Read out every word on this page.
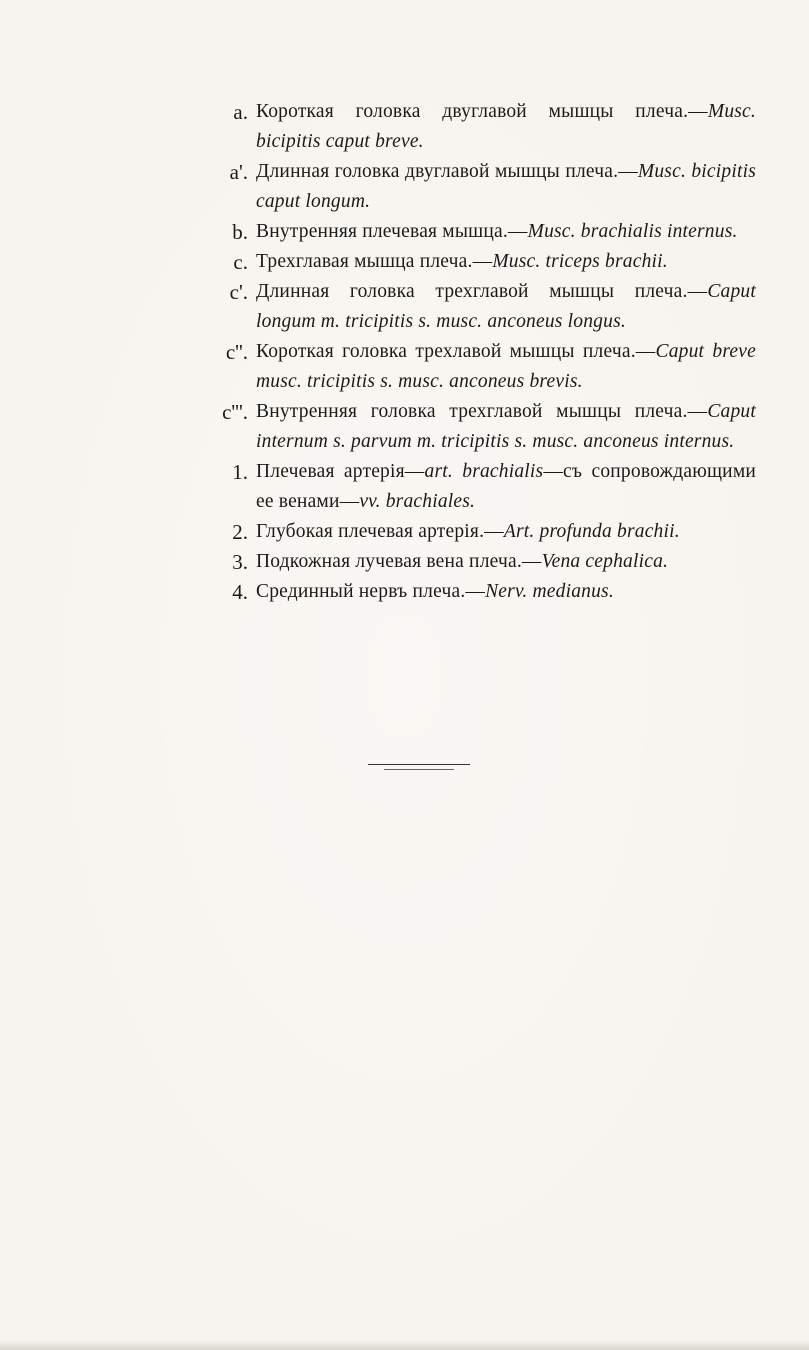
a. Короткая головка двуглавой мышцы плеча.—Musc. bicipitis caput breve.
a'. Длинная головка двуглавой мышцы плеча.—Musc. bicipitis caput longum.
b. Внутренняя плечевая мышца.—Musc. brachialis internus.
c. Трехглавая мышца плеча.—Musc. triceps brachii.
c'. Длинная головка трехглавой мышцы плеча.—Caput longum m. tricipitis s. musc. anconeus longus.
c''. Короткая головка трехлавой мышцы плеча.—Caput breve musc. tricipitis s. musc. anconeus brevis.
c'''. Внутренняя головка трехглавой мышцы плеча.—Caput internum s. parvum m. tricipitis s. musc. anconeus internus.
1. Плечевая артерія—art. brachialis—съ сопровождающими ее венами—vv. brachiales.
2. Глубокая плечевая артерія.—Art. profunda brachii.
3. Подкожная лучевая вена плеча.—Vena cephalica.
4. Срединный нервъ плеча.—Nerv. medianus.
